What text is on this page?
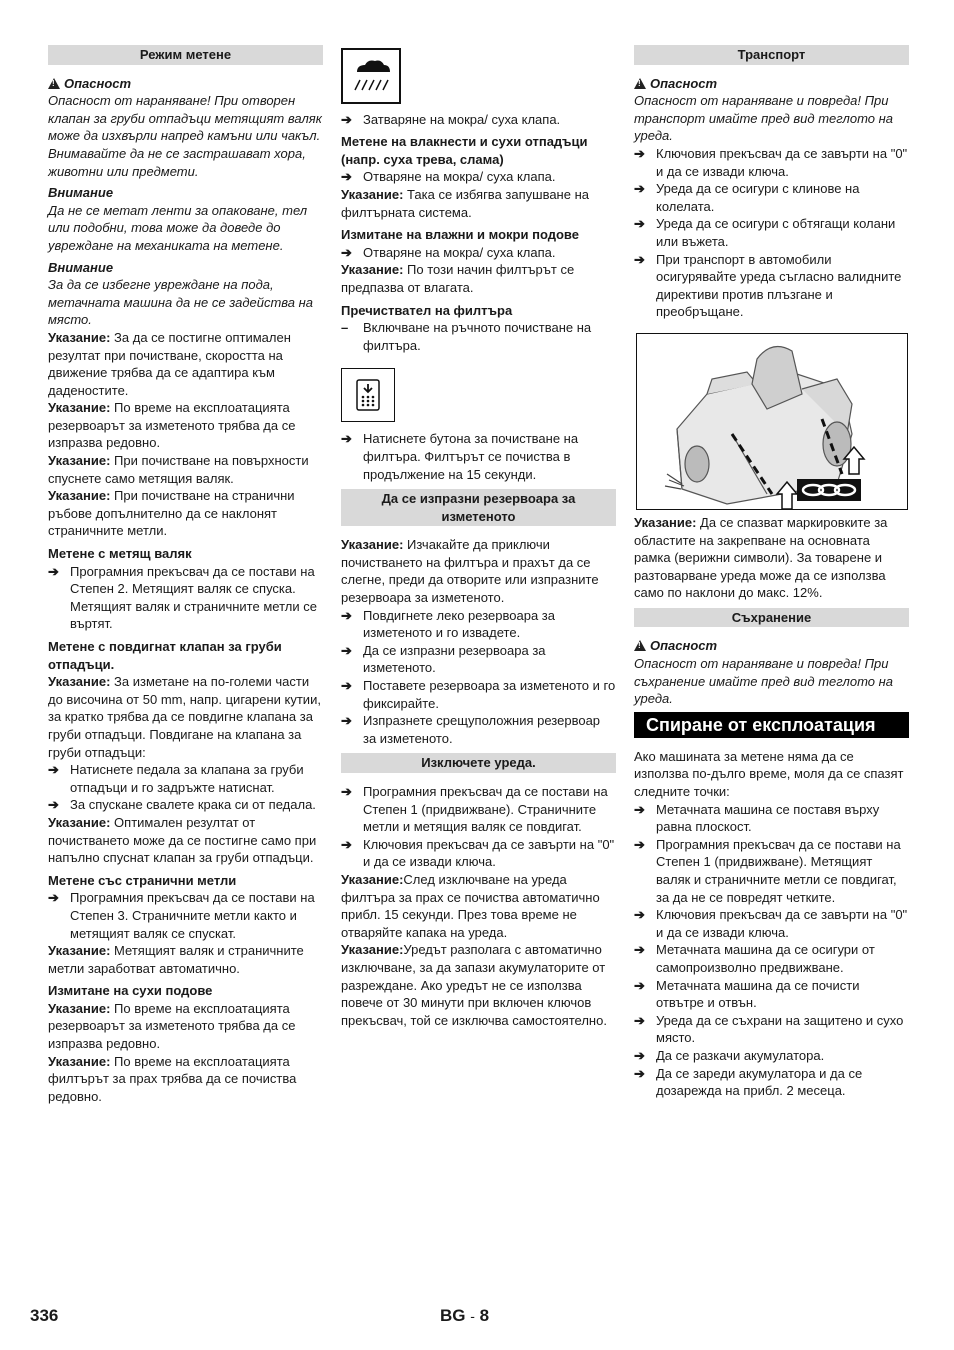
Режим метене

!Опасност

Опасност от нараняване! При отворен клапан за груби отпадъци метящият валяк може да изхвърли напред камъни или чакъл. Внимавайте да не се застрашават хора, животни или предмети.

Внимание

Да не се метат ленти за опаковане, тел или подобни, това може да доведе до увреждане на механиката на метене.

Внимание

За да се избегне увреждане на пода, метачната машина да не се задейства на място.

Указание: За да се постигне оптимален резултат при почистване, скоростта на движение трябва да се адаптира към даденостите.

Указание: По време на експлоатацията резервоарът за изметеното трябва да се изпразва редовно.

Указание: При почистване на повърхности спуснете само метящия валяк.

Указание: При почистване на странични ръбове допълнително да се наклонят страничните метли.

Метене с метящ валяк

➔ Програмния прекъсвач да се постави на Степен 2. Метящият валяк се спуска. Метящият валяк и страничните метли се въртят.

Метене с повдигнат клапан за груби отпадъци.

Указание: За изметане на по-големи части до височина от 50 mm, напр. цигарени кутии, за кратко трябва да се повдигне клапана за груби отпадъци. Повдигане на клапана за груби отпадъци:

➔ Натиснете педала за клапана за груби отпадъци и го задръжте натиснат.
➔ За спускане свалете крака си от педала.

Указание: Оптимален резултат от почистването може да се постигне само при напълно спуснат клапан за груби отпадъци.

Метене със странични метли

➔ Програмния прекъсвач да се постави на Степен 3. Страничните метли както и метящият валяк се спускат.

Указание: Метящият валяк и страничните метли заработват автоматично.

Измитане на сухи подове

Указание: По време на експлоатацията резервоарът за изметеното трябва да се изпразва редовно.

Указание: По време на експлоатацията филтърът за прах трябва да се почиства редовно.

➔ Затваряне на мокра/ суха клапа.

Метене на влакнести и сухи отпадъци (напр. суха трева, слама)

➔ Отваряне на мокра/ суха клапа.

Указание: Така се избягва запушване на филтърната система.

Измитане на влажни и мокри подове

➔ Отваряне на мокра/ суха клапа.

Указание: По този начин филтърът се предпазва от влагата.

Пречиствател на филтъра

–	Включване на ръчното почистване на филтъра.
➔ Натиснете бутона за почистване на филтъра. Филтърът се почиства в продължение на 15 секунди.
Да се изпразни резервоара за изметеното

Указание: Изчакайте да приключи почистването на филтъра и прахът да се слегне, преди да отворите или изпразните резервоара за изметеното.

➔ Повдигнете леко резервоара за изметеното и го извадете.
➔ Да се изпразни резервоара за изметеното.
➔ Поставете резервоара за изметеното и го фиксирайте.
➔ Изпразнете срещуположния резервоар за изметеното.
Изключете уреда.
➔ Програмния прекъсвач да се постави на Степен 1 (придвижване). Страничните метли и метящия валяк се повдигат.
➔ Ключовия прекъсвач да се завърти на "0" и да се извади ключа.

Указание:След изключване на уреда филтъра за прах се почиства автоматично прибл. 15 секунди. През това време не отваряйте капака на уреда.

Указание:Уредът разполага с автоматично изключване, за да запази акумулаторите от разреждане. Ако уредът не се използва повече от 30 минути при включен ключов прекъсвач, той се изключва самостоятелно.

Транспорт

!Опасност

Опасност от нараняване и повреда! При транспорт имайте пред вид теглото на уреда.

➔ Ключовия прекъсвач да се завърти на "0" и да се извади ключа.
➔ Уреда да се осигури с клинове на колелата.
➔ Уреда да се осигури с обтягащи колани или въжета.
➔ При транспорт в автомобили осигурявайте уреда съгласно валидните директиви против плъзгане и преобръщане.

Указание: Да се спазват маркировките за областите на закрепване на основната рамка (верижни символи). За товарене и разтоварване уреда може да се използва само по наклони до макс. 12%.

Съхранение

!Опасност

Опасност от нараняване и повреда! При съхранение имайте пред вид теглото на уреда.

Спиране от експлоатация

Ако машината за метене няма да се използва по-дълго време, моля да се спазят следните точки:

➔ Метачната машина се поставя върху равна плоскост.
➔ Програмния прекъсвач да се постави на Степен 1 (придвижване). Метящият валяк и страничните метли се повдигат, за да не се повредят четките.
➔ Ключовия прекъсвач да се завърти на "0" и да се извади ключа.
➔ Метачната машина да се осигури от самопроизволно предвижване.
➔ Метачната машина да се почисти отвътре и отвън.
➔ Уреда да се съхрани на защитено и сухо място.
➔ Да се разкачи акумулатора.
➔ Да се зареди акумулатора и да се дозарежда на прибл. 2 месеца.
336	BG - 8
